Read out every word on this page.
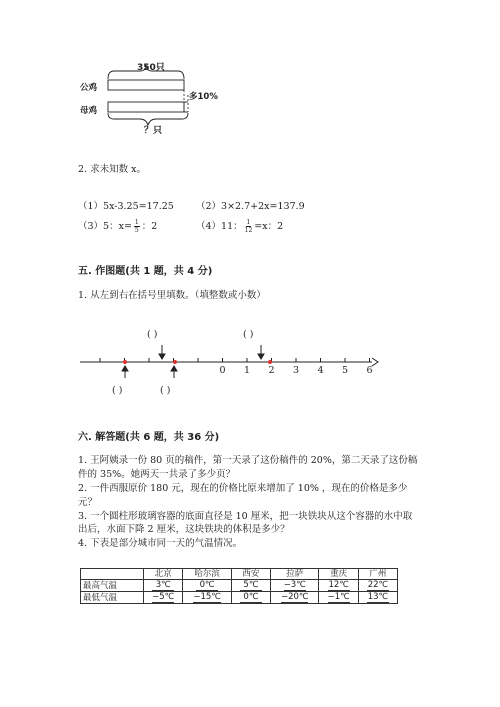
350只
公鸡
母鸡
多10%
？只
2. 求未知数 x。
（1）5x-3.25=17.25 （2）3×2.7+2x=137.9
（3）5：$x= \frac{1}{5}$ ：2	（4）11： $\frac{1}{12} =x$：2
五. 作图题(共 1 题，共 4 分)
1. 从左到右在括号里填数。（填整数或小数）
( )	( )
( )	( )
0 1 2 3 4 5 6
六. 解答题(共 6 题，共 36 分)
1. 王阿姨录一份 80 页的稿件，第一天录了这份稿件的 20%，第二天录了这份稿
件的 35%。她两天一共录了多少页？
2. 一件西服原价 180 元，现在的价格比原来增加了 10% ，现在的价格是多少
元？
3. 一个圆柱形玻璃容器的底面直径是 10 厘米，把一块铁块从这个容器的水中取
出后，水面下降 2 厘米，这块铁块的体积是多少？
4. 下表是部分城市同一天的气温情况。
	北京	哈尔滨	西安	拉萨	重庆	广州
最高气温	3℃	0℃	5℃	−3℃	12℃	22℃
最低气温	−5℃	−15℃	0℃	−20℃	−1℃	13℃
